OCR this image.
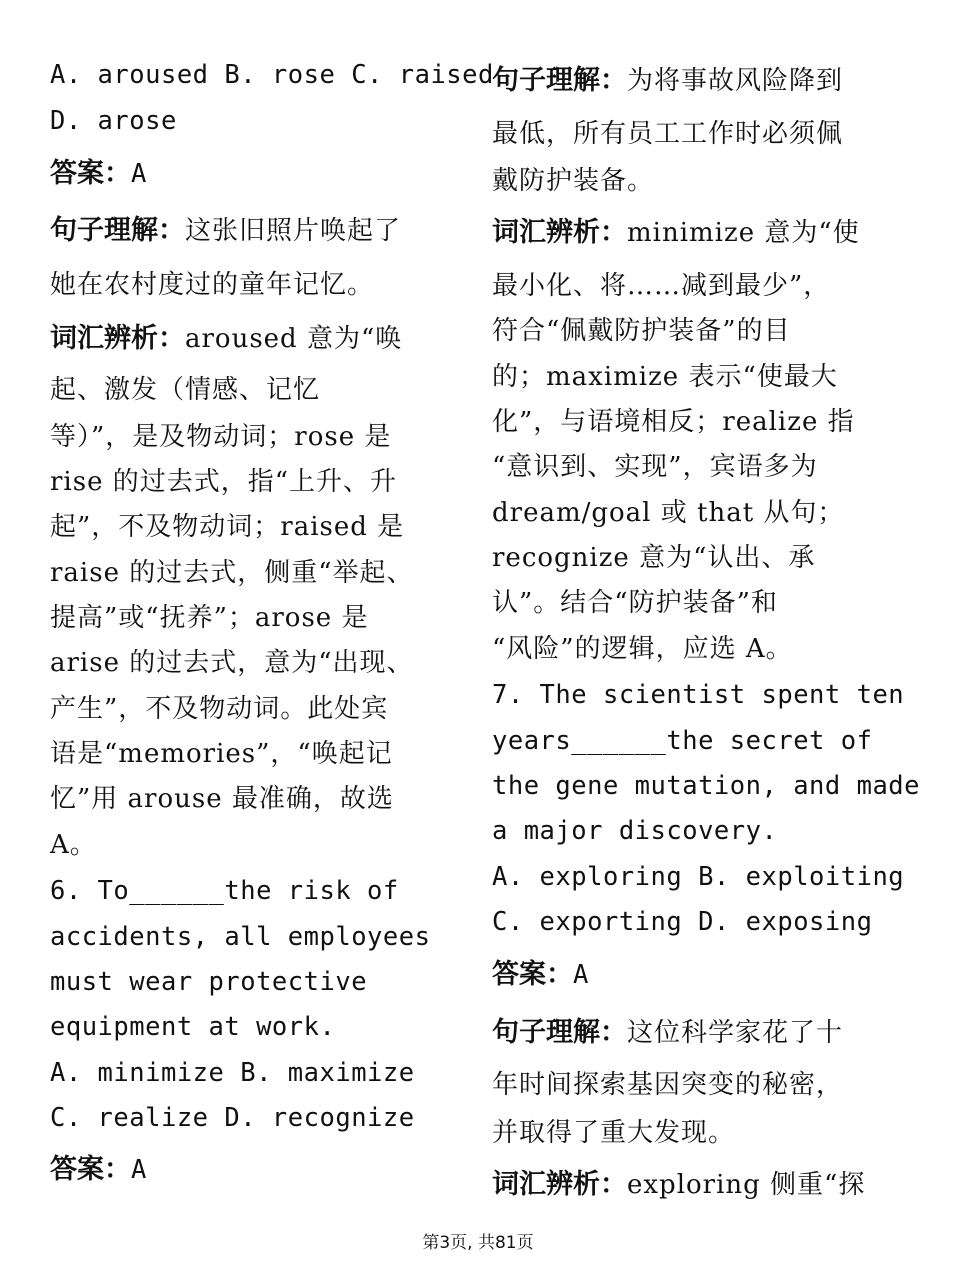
A. aroused B. rose C. raised
D. arose
答案：A
句子理解：这张旧照片唤起了
她在农村度过的童年记忆。
词汇辨析：aroused 意为“唤
起、激发（情感、记忆
等）”，是及物动词；rose 是
rise 的过去式，指“上升、升
起”，不及物动词；raised 是
raise 的过去式，侧重“举起、
提高”或“抚养”；arose 是
arise 的过去式，意为“出现、
产生”，不及物动词。此处宾
语是“memories”，“唤起记
忆”用 arouse 最准确，故选
A。
6. To______the risk of
accidents, all employees
must wear protective
equipment at work.
A. minimize B. maximize
C. realize D. recognize
答案：A
句子理解：为将事故风险降到
最低，所有员工工作时必须佩
戴防护装备。
词汇辨析：minimize 意为“使
最小化、将……减到最少”，
符合“佩戴防护装备”的目
的；maximize 表示“使最大
化”，与语境相反；realize 指
“意识到、实现”，宾语多为
dream/goal 或 that 从句；
recognize 意为“认出、承
认”。结合“防护装备”和
“风险”的逻辑，应选 A。
7. The scientist spent ten
years______the secret of
the gene mutation, and made
a major discovery.
A. exploring B. exploiting
C. exporting D. exposing
答案：A
句子理解：这位科学家花了十
年时间探索基因突变的秘密，
并取得了重大发现。
词汇辨析：exploring 侧重“探
第3页, 共81页
